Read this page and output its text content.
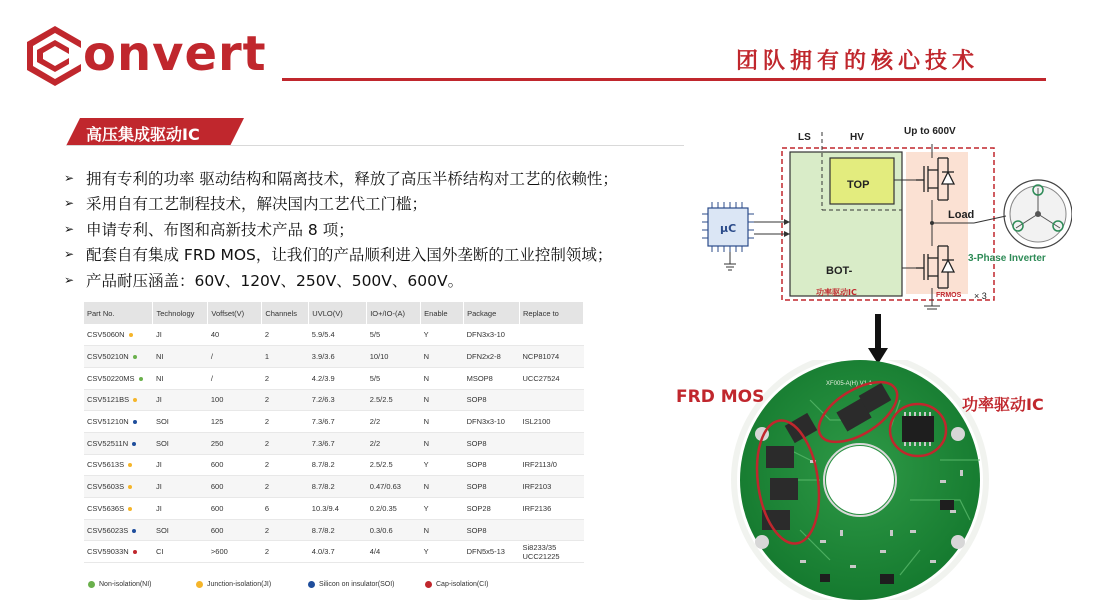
onvert	团队拥有的核心技术
高压集成驱动IC
➢ 拥有专利的功率 驱动结构和隔离技术，释放了高压半桥结构对工艺的依赖性；
➢ 采用自有工艺制程技术，解决国内工艺代工门槛；
➢ 申请专利、布图和高新技术产品 8 项；
➢ 配套自有集成 FRD MOS，让我们的产品顺利进入国外垄断的工业控制领域；
➢ 产品耐压涵盖：60V、120V、250V、500V、600V。
Part No.	Technology	Voffset(V)	Channels	UVLO(V)	IO+/IO-(A)	Enable	Package	Replace to
CSV5060N	JI	40	2	5.9/5.4	5/5	Y	DFN3x3-10	
CSV50210N	NI	/	1	3.9/3.6	10/10	N	DFN2x2-8	NCP81074
CSV50220MS	NI	/	2	4.2/3.9	5/5	N	MSOP8	UCC27524
CSV5121BS	JI	100	2	7.2/6.3	2.5/2.5	N	SOP8	
CSV51210N	SOI	125	2	7.3/6.7	2/2	N	DFN3x3-10	ISL2100
CSV52511N	SOI	250	2	7.3/6.7	2/2	N	SOP8	
CSV5613S	JI	600	2	8.7/8.2	2.5/2.5	Y	SOP8	IRF2113/0
CSV5603S	JI	600	2	8.7/8.2	0.47/0.63	N	SOP8	IRF2103
CSV5636S	JI	600	6	10.3/9.4	0.2/0.35	Y	SOP28	IRF2136
CSV56023S	SOI	600	2	8.7/8.2	0.3/0.6	N	SOP8	
CSV59033N	CI	>600	2	4.0/3.7	4/4	Y	DFN5x5-13	Si8233/35 UCC21225
Non-isolation(NI)	Junction-isolation(JI)	Silicon on insulator(SOI)	Cap-isolation(CI)
LS	HV
Up to 600V
TOP
BOT-
功率驱动IC
μC
Load
FRMOS × 3
3-Phase Inverter
XF005-A(H) V1.1
FRD MOS	功率驱动IC
